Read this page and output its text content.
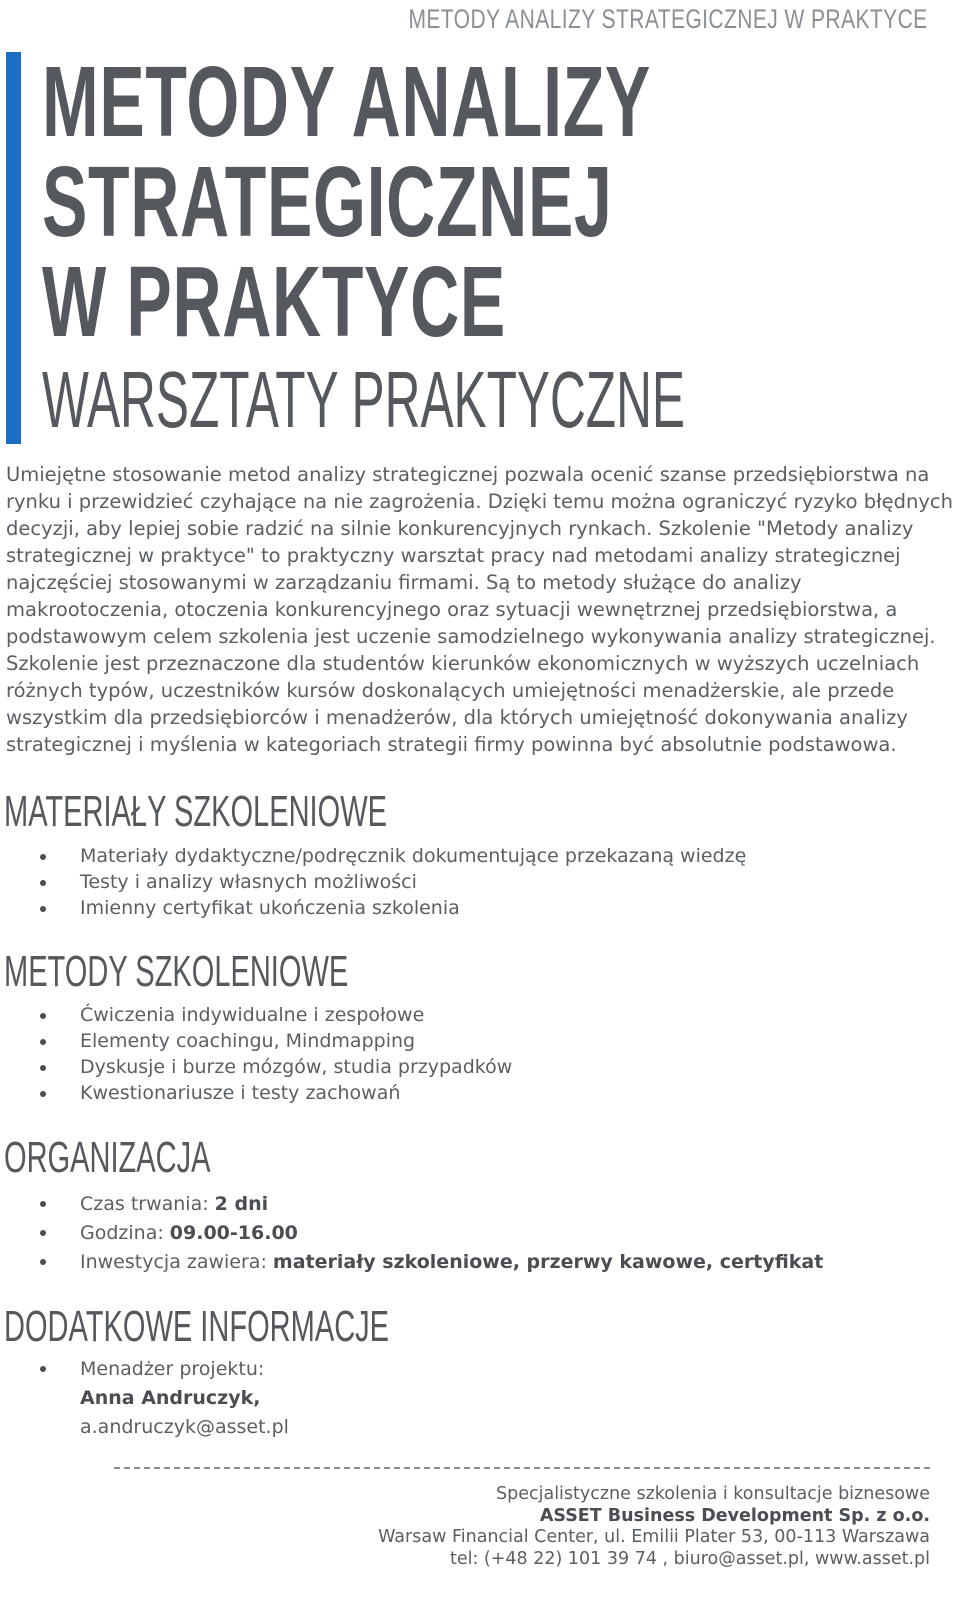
METODY ANALIZY STRATEGICZNEJ W PRAKTYCE
METODY ANALIZY
STRATEGICZNEJ
W PRAKTYCE
WARSZTATY PRAKTYCZNE

Umiejętne stosowanie metod analizy strategicznej pozwala ocenić szanse przedsiębiorstwa na rynku i przewidzieć czyhające na nie zagrożenia. Dzięki temu można ograniczyć ryzyko błędnych decyzji, aby lepiej sobie radzić na silnie konkurencyjnych rynkach. Szkolenie "Metody analizy strategicznej w praktyce" to praktyczny warsztat pracy nad metodami analizy strategicznej najczęściej stosowanymi w zarządzaniu firmami. Są to metody służące do analizy makrootoczenia, otoczenia konkurencyjnego oraz sytuacji wewnętrznej przedsiębiorstwa, a podstawowym celem szkolenia jest uczenie samodzielnego wykonywania analizy strategicznej. Szkolenie jest przeznaczone dla studentów kierunków ekonomicznych w wyższych uczelniach różnych typów, uczestników kursów doskonalących umiejętności menadżerskie, ale przede wszystkim dla przedsiębiorców i menadżerów, dla których umiejętność dokonywania analizy strategicznej i myślenia w kategoriach strategii firmy powinna być absolutnie podstawowa.

MATERIAŁY SZKOLENIOWE
Materiały dydaktyczne/podręcznik dokumentujące przekazaną wiedzę
Testy i analizy własnych możliwości
Imienny certyfikat ukończenia szkolenia
METODY SZKOLENIOWE
Ćwiczenia indywidualne i zespołowe
Elementy coachingu, Mindmapping
Dyskusje i burze mózgów, studia przypadków
Kwestionariusze i testy zachowań
ORGANIZACJA
Czas trwania: 2 dni
Godzina: 09.00-16.00
Inwestycja zawiera: materiały szkoleniowe, przerwy kawowe, certyfikat
DODATKOWE INFORMACJE
Menadżer projektu:
Anna Andruczyk,
a.andruczyk@asset.pl
Specjalistyczne szkolenia i konsultacje biznesowe
ASSET Business Development Sp. z o.o.
Warsaw Financial Center, ul. Emilii Plater 53, 00-113 Warszawa
tel: (+48 22) 101 39 74 , biuro@asset.pl, www.asset.pl
